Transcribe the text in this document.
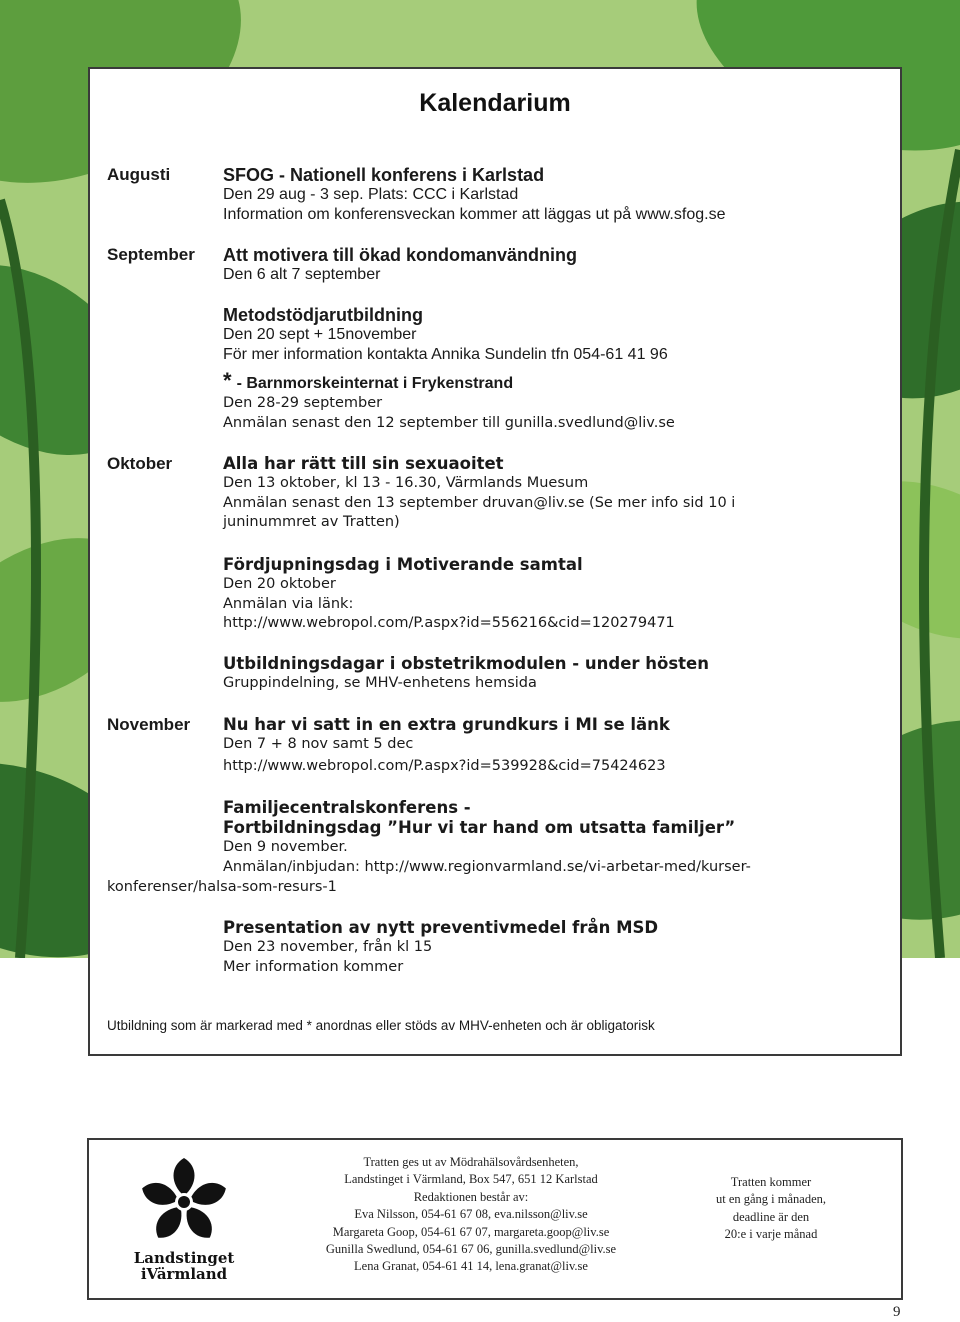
Kalendarium
Augusti	SFOG - Nationell konferens i Karlstad
Den 29 aug - 3 sep. Plats: CCC i Karlstad
Information om konferensveckan kommer att läggas ut på www.sfog.se
September Att motivera till ökad kondomanvändning
Den 6 alt 7 september
Metodstödjarutbildning
Den 20 sept + 15november
För mer information kontakta Annika Sundelin tfn 054-61 41 96
* - Barnmorskeinternat i Frykenstrand
Den 28-29 september
Anmälan senast den 12 september till gunilla.svedlund@liv.se
Oktober	Alla har rätt till sin sexuaoitet
Den 13 oktober, kl 13 - 16.30, Värmlands Muesum
Anmälan senast den 13 september druvan@liv.se (Se mer info sid 10 i
juninummret av Tratten)
Fördjupningsdag i Motiverande samtal
Den 20 oktober
Anmälan via länk:
http://www.webropol.com/P.aspx?id=556216&cid=120279471
Utbildningsdagar i obstetrikmodulen - under hösten
Gruppindelning, se MHV-enhetens hemsida
November Nu har vi satt in en extra grundkurs i MI se länk
Den 7 + 8 nov samt 5 dec
http://www.webropol.com/P.aspx?id=539928&cid=75424623
Familjecentralskonferens -
Fortbildningsdag ”Hur vi tar hand om utsatta familjer”
Den 9 november.
Anmälan/inbjudan: http://www.regionvarmland.se/vi-arbetar-med/kurser-
konferenser/halsa-som-resurs-1
Presentation av nytt preventivmedel från MSD
Den 23 november, från kl 15
Mer information kommer
Utbildning som är markerad med * anordnas eller stöds av MHV-enheten och är obligatorisk
Landstinget
iVärmland
Tratten ges ut av Mödrahälsovårdsenheten,
Landstinget i Värmland, Box 547, 651 12 Karlstad
Redaktionen består av:
Eva Nilsson, 054-61 67 08, eva.nilsson@liv.se
Margareta Goop, 054-61 67 07, margareta.goop@liv.se
Gunilla Swedlund, 054-61 67 06, gunilla.svedlund@liv.se
Lena Granat, 054-61 41 14, lena.granat@liv.se
Tratten kommer
ut en gång i månaden,
deadline är den
20:e i varje månad
9
